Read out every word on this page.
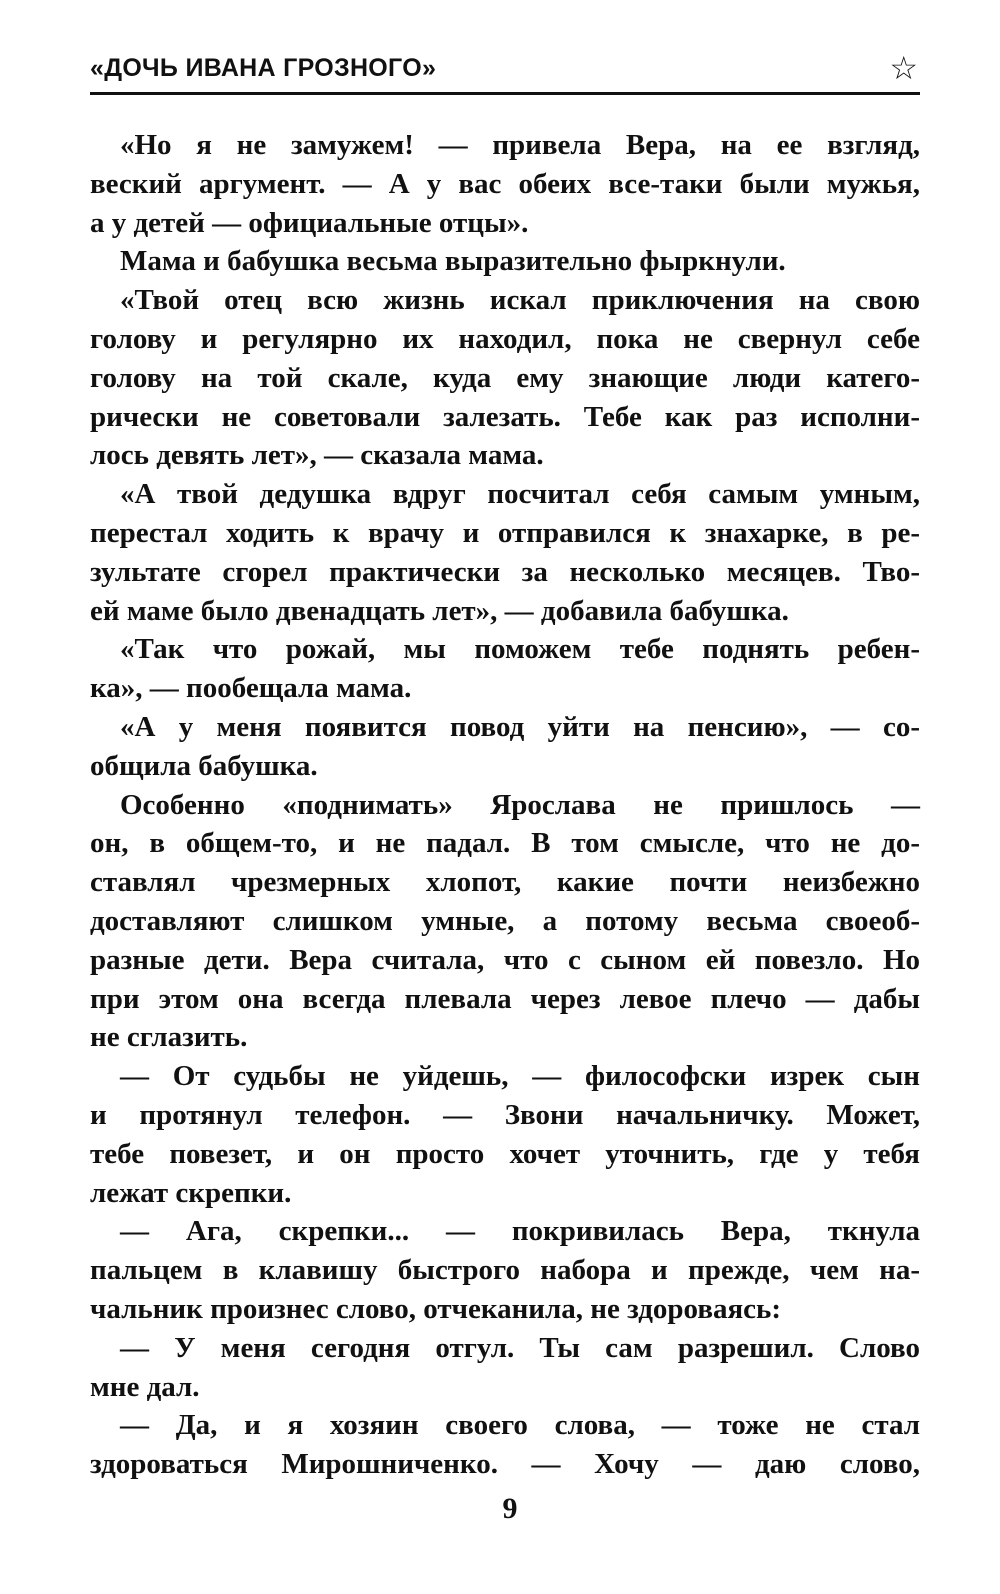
«ДОЧЬ ИВАНА ГРОЗНОГО»	☆
«Но я не замужем! — привела Вера, на ее взгляд,
веский аргумент. — А у вас обеих все-таки были мужья,
а у детей — официальные отцы».
Мама и бабушка весьма выразительно фыркнули.
«Твой отец всю жизнь искал приключения на свою
голову и регулярно их находил, пока не свернул себе
голову на той скале, куда ему знающие люди катего-
рически не советовали залезать. Тебе как раз исполни-
лось девять лет», — сказала мама.
«А твой дедушка вдруг посчитал себя самым умным,
перестал ходить к врачу и отправился к знахарке, в ре-
зультате сгорел практически за несколько месяцев. Тво-
ей маме было двенадцать лет», — добавила бабушка.
«Так что рожай, мы поможем тебе поднять ребен-
ка», — пообещала мама.
«А у меня появится повод уйти на пенсию», — со-
общила бабушка.
Особенно «поднимать» Ярослава не пришлось —
он, в общем-то, и не падал. В том смысле, что не до-
ставлял чрезмерных хлопот, какие почти неизбежно
доставляют слишком умные, а потому весьма своеоб-
разные дети. Вера считала, что с сыном ей повезло. Но
при этом она всегда плевала через левое плечо — дабы
не сглазить.
— От судьбы не уйдешь, — философски изрек сын
и протянул телефон. — Звони начальничку. Может,
тебе повезет, и он просто хочет уточнить, где у тебя
лежат скрепки.
— Ага, скрепки... — покривилась Вера, ткнула
пальцем в клавишу быстрого набора и прежде, чем на-
чальник произнес слово, отчеканила, не здороваясь:
— У меня сегодня отгул. Ты сам разрешил. Слово
мне дал.
— Да, и я хозяин своего слова, — тоже не стал
здороваться Мирошниченко. — Хочу — даю слово,
9
